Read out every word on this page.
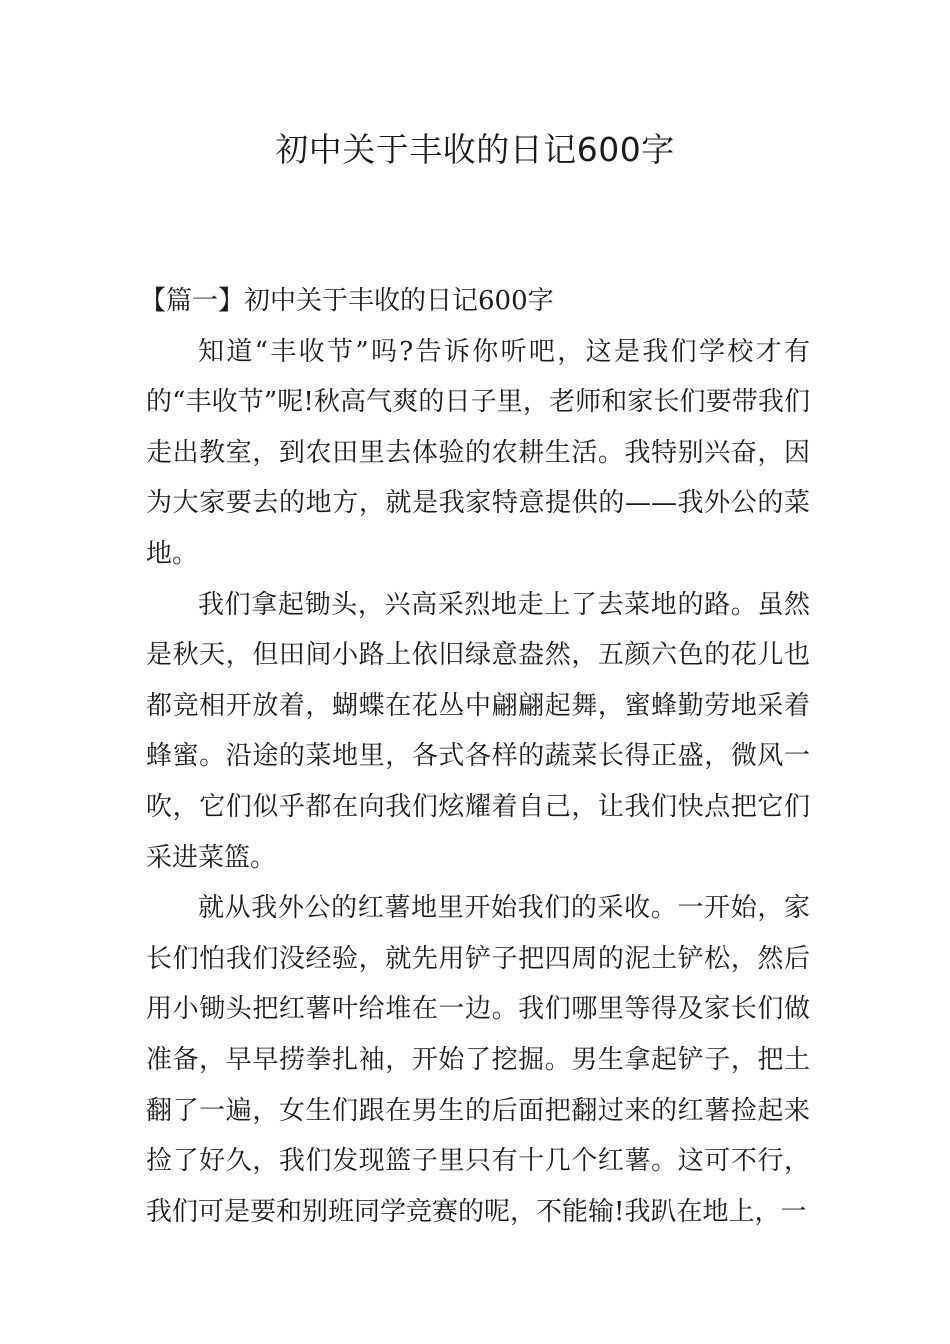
初中关于丰收的日记600字

【篇一】初中关于丰收的日记600字

知道“丰收节”吗?告诉你听吧，这是我们学校才有的“丰收节”呢!秋高气爽的日子里，老师和家长们要带我们走出教室，到农田里去体验的农耕生活。我特别兴奋，因为大家要去的地方，就是我家特意提供的——我外公的菜地。

我们拿起锄头，兴高采烈地走上了去菜地的路。虽然是秋天，但田间小路上依旧绿意盎然，五颜六色的花儿也都竞相开放着，蝴蝶在花丛中翩翩起舞，蜜蜂勤劳地采着蜂蜜。沿途的菜地里，各式各样的蔬菜长得正盛，微风一吹，它们似乎都在向我们炫耀着自己，让我们快点把它们采进菜篮。

就从我外公的红薯地里开始我们的采收。一开始，家长们怕我们没经验，就先用铲子把四周的泥土铲松，然后用小锄头把红薯叶给堆在一边。我们哪里等得及家长们做准备，早早捞拳扎袖，开始了挖掘。男生拿起铲子，把土翻了一遍，女生们跟在男生的后面把翻过来的红薯捡起来捡了好久，我们发现篮子里只有十几个红薯。这可不行，我们可是要和别班同学竞赛的呢，不能输!我趴在地上，一
